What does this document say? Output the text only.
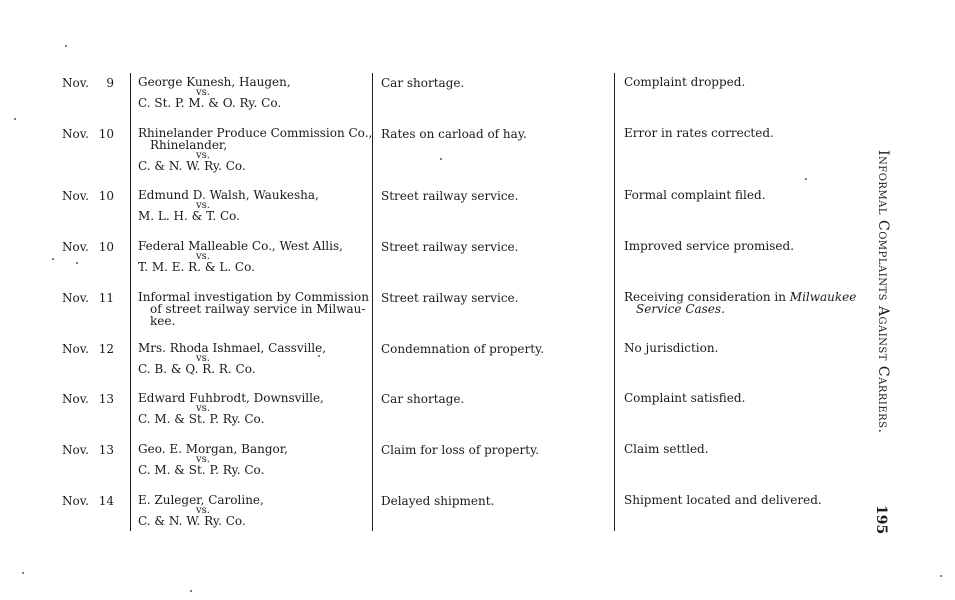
Nov. 9 George Kunesh, Haugen,
vs.
C. St. P. M. & O. Ry. Co.
Car shortage.	Complaint dropped.
Nov. 10 Rhinelander Produce Commission Co.,
Rhinelander,
vs.
C. & N. W. Ry. Co.
Rates on carload of hay.	Error in rates corrected.
Nov. 10 Edmund D. Walsh, Waukesha,
vs.
M. L. H. & T. Co.
Street railway service.	Formal complaint filed.
Nov. 10 Federal Malleable Co., West Allis,
vs.
T. M. E. R. & L. Co.
Street railway service.	Improved service promised.
Nov. 11 Informal investigation by Commission
of street railway service in Milwau-
kee.
Street railway service.	Receiving consideration in Milwaukee
Service Cases.
Nov. 12 Mrs. Rhoda Ishmael, Cassville,
vs.
C. B. & Q. R. R. Co.
Condemnation of property.	No jurisdiction.
Nov. 13 Edward Fuhbrodt, Downsville,
vs.
C. M. & St. P. Ry. Co.
Car shortage.	Complaint satisfied.
Nov. 13 Geo. E. Morgan, Bangor,
vs.
C. M. & St. P. Ry. Co.
Claim for loss of property.	Claim settled.
Nov. 14 E. Zuleger, Caroline,
vs.
C. & N. W. Ry. Co.
Delayed shipment.	Shipment located and delivered.
Informal Complaints Against Carriers.
195
